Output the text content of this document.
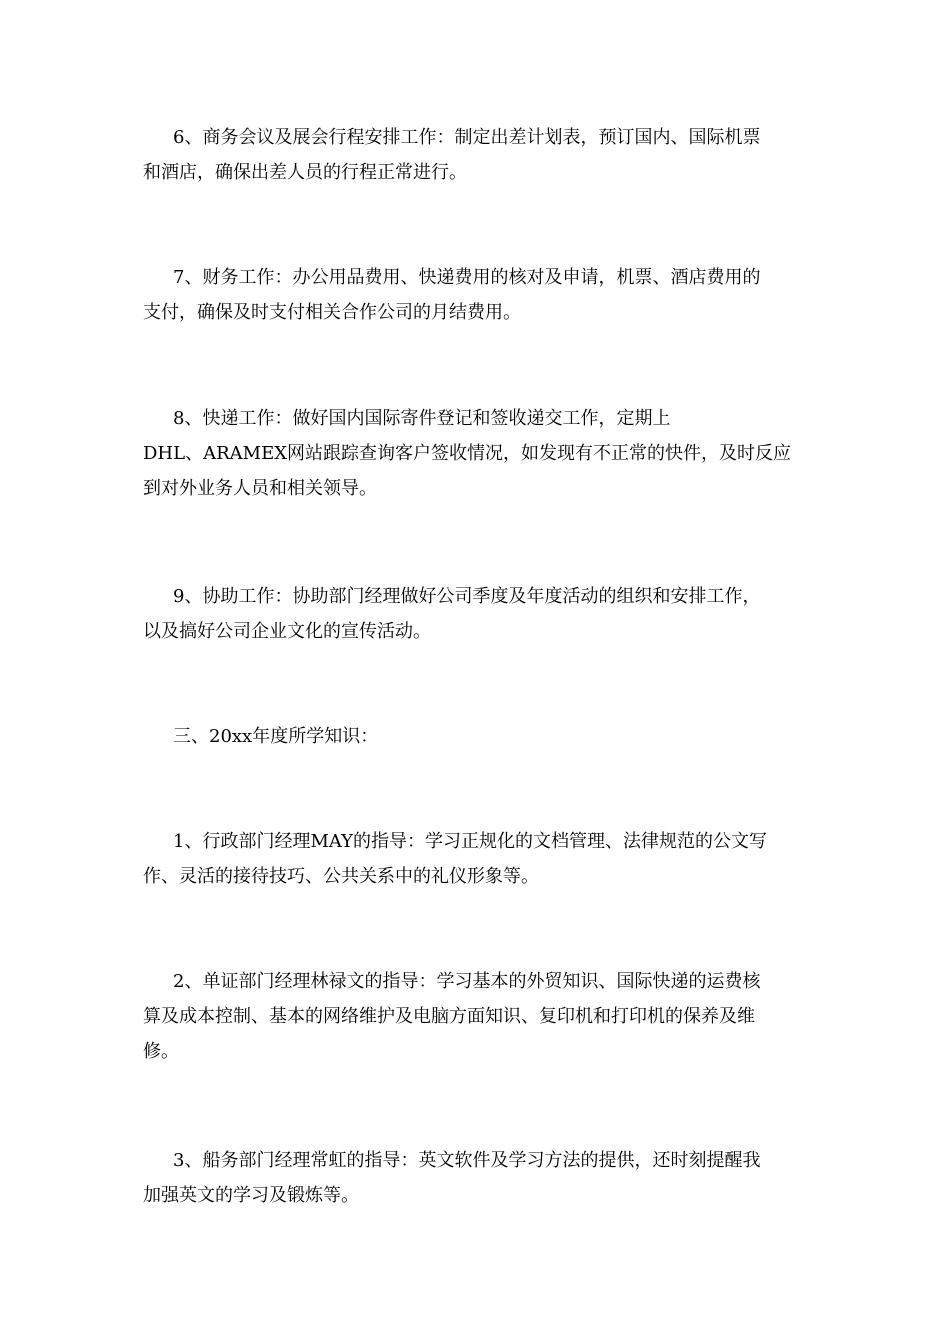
6、商务会议及展会行程安排工作：制定出差计划表，预订国内、国际机票
和酒店，确保出差人员的行程正常进行。

7、财务工作：办公用品费用、快递费用的核对及申请，机票、酒店费用的
支付，确保及时支付相关合作公司的月结费用。

8、快递工作：做好国内国际寄件登记和签收递交工作，定期上
DHL、ARAMEX网站跟踪查询客户签收情况，如发现有不正常的快件，及时反应
到对外业务人员和相关领导。

9、协助工作：协助部门经理做好公司季度及年度活动的组织和安排工作，
以及搞好公司企业文化的宣传活动。

三、20xx年度所学知识：

1、行政部门经理MAY的指导：学习正规化的文档管理、法律规范的公文写
作、灵活的接待技巧、公共关系中的礼仪形象等。

2、单证部门经理林禄文的指导：学习基本的外贸知识、国际快递的运费核
算及成本控制、基本的网络维护及电脑方面知识、复印机和打印机的保养及维
修。

3、船务部门经理常虹的指导：英文软件及学习方法的提供，还时刻提醒我
加强英文的学习及锻炼等。
